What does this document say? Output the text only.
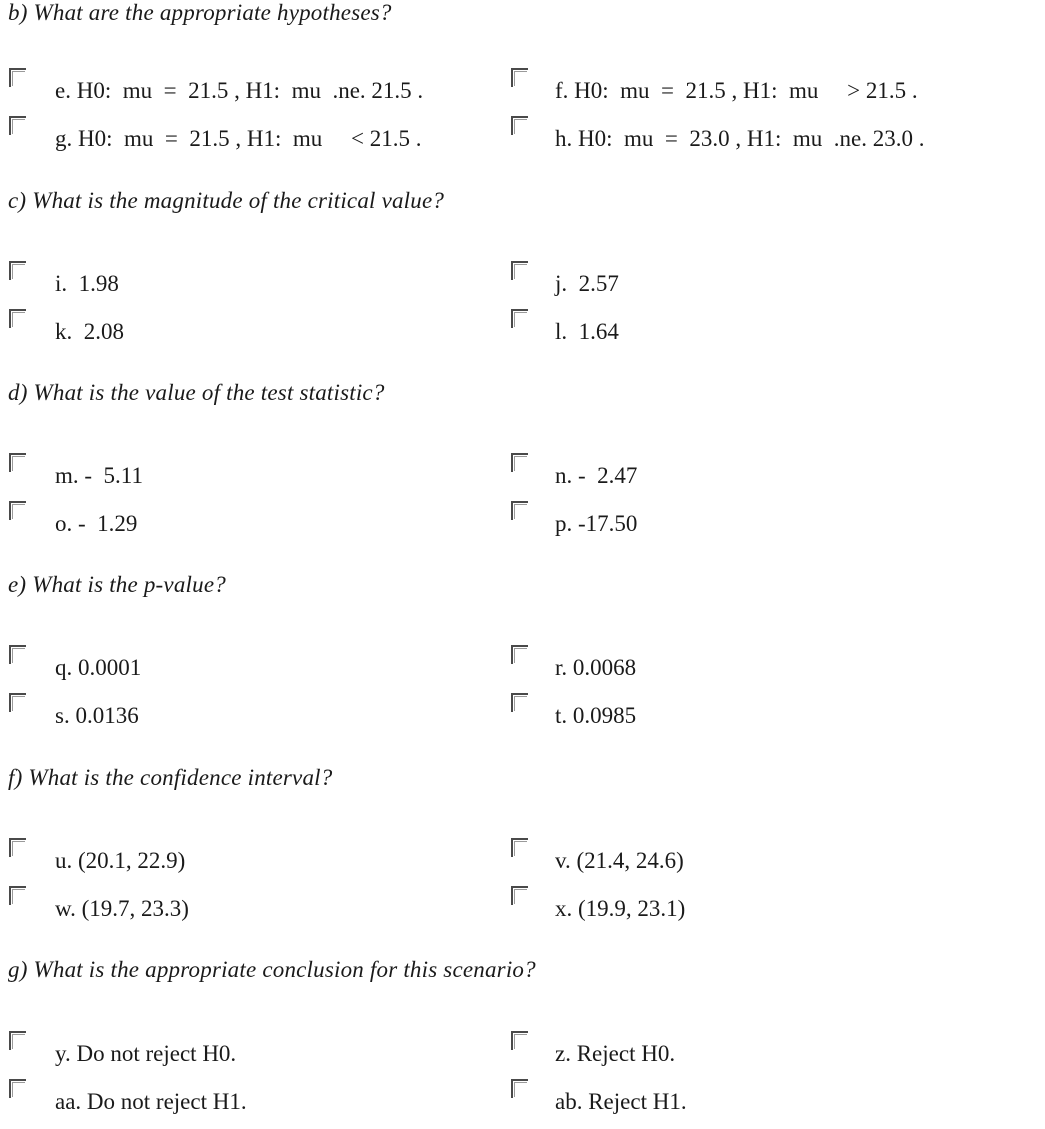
b) What are the appropriate hypotheses?
e. H0:  mu  =  21.5 , H1:  mu  .ne. 21.5 .	f. H0:  mu  =  21.5 , H1:  mu     > 21.5 .
g. H0:  mu  =  21.5 , H1:  mu     < 21.5 .	h. H0:  mu  =  23.0 , H1:  mu  .ne. 23.0 .
c) What is the magnitude of the critical value?
i.  1.98	j.  2.57
k.  2.08	l.  1.64
d) What is the value of the test statistic?
m. -  5.11	n. -  2.47
o. -  1.29	p. -17.50
e) What is the p-value?
q. 0.0001	r. 0.0068
s. 0.0136	t. 0.0985
f) What is the confidence interval?
u. (20.1, 22.9)	v. (21.4, 24.6)
w. (19.7, 23.3)	x. (19.9, 23.1)
g) What is the appropriate conclusion for this scenario?
y. Do not reject H0.	z. Reject H0.
aa. Do not reject H1.	ab. Reject H1.
